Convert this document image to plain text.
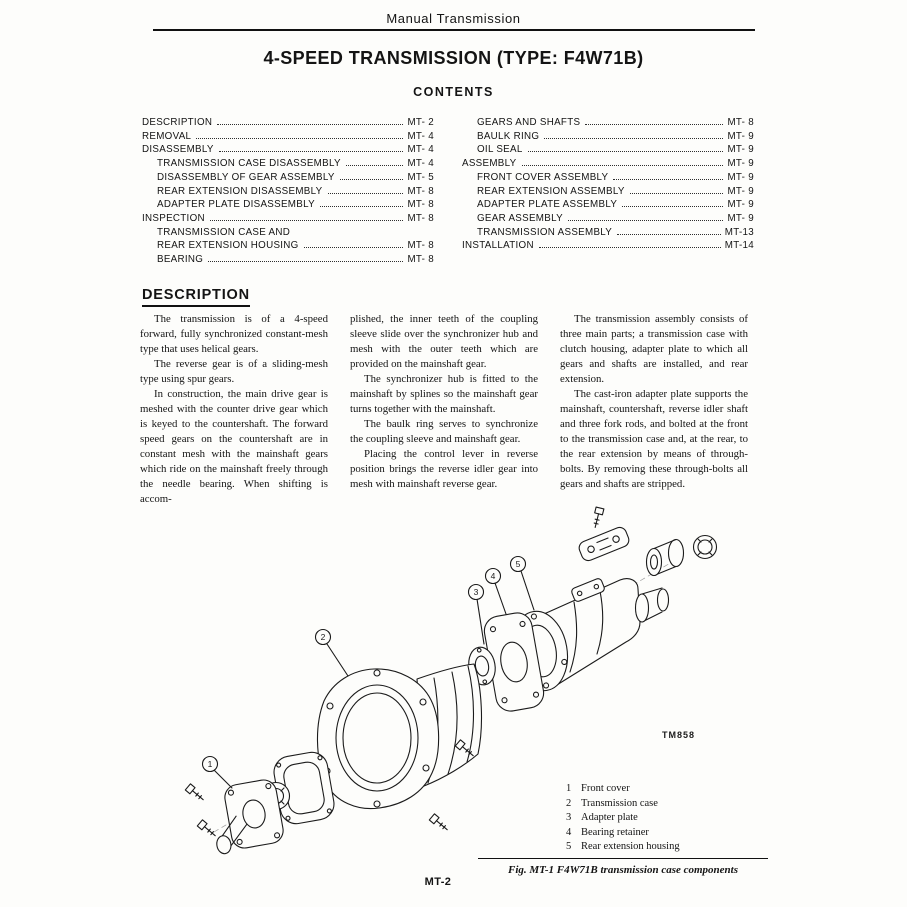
Manual Transmission
4-SPEED TRANSMISSION (TYPE: F4W71B)
CONTENTS
DESCRIPTION	MT- 2
REMOVAL	MT- 4
DISASSEMBLY	MT- 4
TRANSMISSION CASE DISASSEMBLY	MT- 4
DISASSEMBLY OF GEAR ASSEMBLY	MT- 5
REAR EXTENSION DISASSEMBLY	MT- 8
ADAPTER PLATE DISASSEMBLY	MT- 8
INSPECTION	MT- 8
TRANSMISSION CASE AND
REAR EXTENSION HOUSING	MT- 8
BEARING	MT- 8
GEARS AND SHAFTS	MT- 8
BAULK RING	MT- 9
OIL SEAL	MT- 9
ASSEMBLY	MT- 9
FRONT COVER ASSEMBLY	MT- 9
REAR EXTENSION ASSEMBLY	MT- 9
ADAPTER PLATE ASSEMBLY	MT- 9
GEAR ASSEMBLY	MT- 9
TRANSMISSION ASSEMBLY	MT-13
INSTALLATION	MT-14
DESCRIPTION

The transmission is of a 4-speed forward, fully synchronized constant-mesh type that uses helical gears.

The reverse gear is of a sliding-mesh type using spur gears.

In construction, the main drive gear is meshed with the counter drive gear which is keyed to the countershaft. The forward speed gears on the countershaft are in constant mesh with the mainshaft gears which ride on the mainshaft freely through the needle bearing. When shifting is accom-

plished, the inner teeth of the coupling sleeve slide over the synchronizer hub and mesh with the outer teeth which are provided on the mainshaft gear.

The synchronizer hub is fitted to the mainshaft by splines so the mainshaft gear turns together with the mainshaft.

The baulk ring serves to synchronize the coupling sleeve and mainshaft gear.

Placing the control lever in reverse position brings the reverse idler gear into mesh with mainshaft reverse gear.

The transmission assembly consists of three main parts; a transmission case with clutch housing, adapter plate to which all gears and shafts are installed, and rear extension.

The cast-iron adapter plate supports the mainshaft, countershaft, reverse idler shaft and three fork rods, and bolted at the front to the transmission case and, at the rear, to the rear extension by means of through-bolts. By removing these through-bolts all gears and shafts are stripped.

TM858
1
2
3
4
5
1 Front cover
2 Transmission case
3 Adapter plate
4 Bearing retainer
5 Rear extension housing
Fig. MT-1 F4W71B transmission case components
MT-2
